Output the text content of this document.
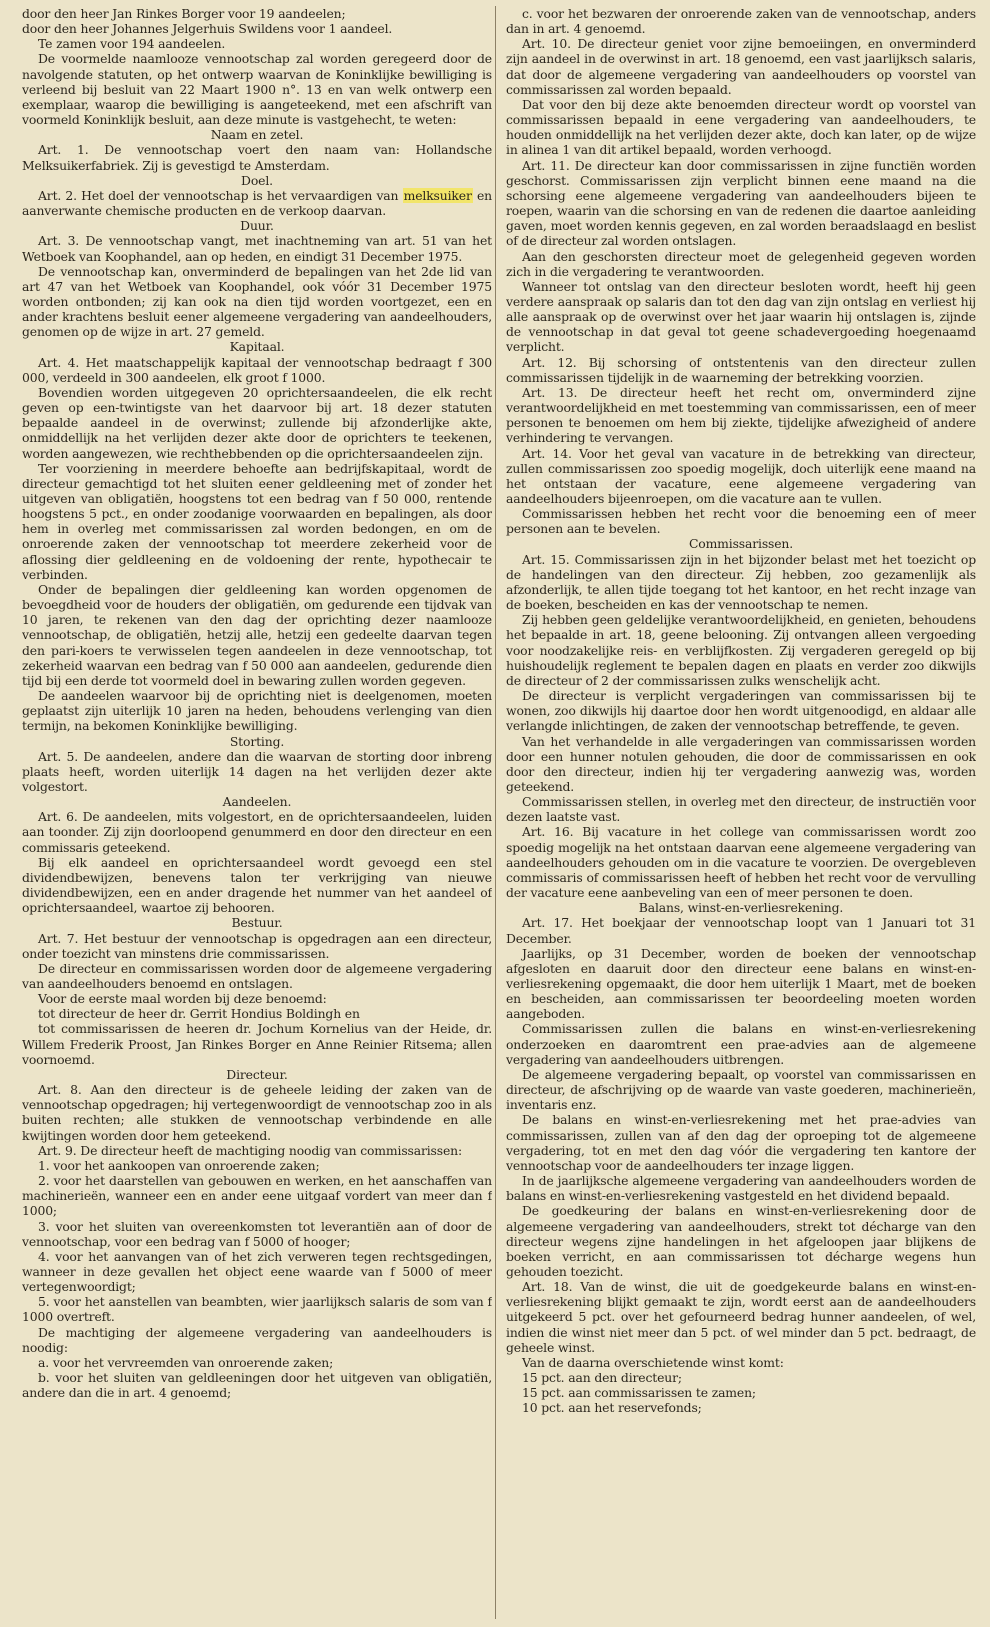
door den heer Jan Rinkes Borger voor 19 aandeelen;

door den heer Johannes Jelgerhuis Swildens voor 1 aandeel.

Te zamen voor 194 aandeelen.

De voormelde naamlooze vennootschap zal worden geregeerd door de navolgende statuten, op het ontwerp waarvan de Koninklijke bewilliging is verleend bij besluit van 22 Maart 1900 n°. 13 en van welk ontwerp een exemplaar, waarop die bewilliging is aangeteekend, met een afschrift van voormeld Koninklijk besluit, aan deze minute is vastgehecht, te weten:

Naam en zetel.

Art. 1. De vennootschap voert den naam van: Hollandsche Melksuikerfabriek. Zij is gevestigd te Amsterdam.

Doel.

Art. 2. Het doel der vennootschap is het vervaardigen van melksuiker en aanverwante chemische producten en de verkoop daarvan.

Duur.

Art. 3. De vennootschap vangt, met inachtneming van art. 51 van het Wetboek van Koophandel, aan op heden, en eindigt 31 December 1975.

De vennootschap kan, onverminderd de bepalingen van het 2de lid van art 47 van het Wetboek van Koophandel, ook vóór 31 December 1975 worden ontbonden; zij kan ook na dien tijd worden voortgezet, een en ander krachtens besluit eener algemeene vergadering van aandeelhouders, genomen op de wijze in art. 27 gemeld.

Kapitaal.

Art. 4. Het maatschappelijk kapitaal der vennootschap bedraagt f 300 000, verdeeld in 300 aandeelen, elk groot f 1000.

Bovendien worden uitgegeven 20 oprichtersaandeelen, die elk recht geven op een-twintigste van het daarvoor bij art. 18 dezer statuten bepaalde aandeel in de overwinst; zullende bij afzonderlijke akte, onmiddellijk na het verlijden dezer akte door de oprichters te teekenen, worden aangewezen, wie rechthebbenden op die oprichtersaandeelen zijn.

Ter voorziening in meerdere behoefte aan bedrijfskapitaal, wordt de directeur gemachtigd tot het sluiten eener geldleening met of zonder het uitgeven van obligatiën, hoogstens tot een bedrag van f 50 000, rentende hoogstens 5 pct., en onder zoodanige voorwaarden en bepalingen, als door hem in overleg met commissarissen zal worden bedongen, en om de onroerende zaken der vennootschap tot meerdere zekerheid voor de aflossing dier geldleening en de voldoening der rente, hypothecair te verbinden.

Onder de bepalingen dier geldleening kan worden opgenomen de bevoegdheid voor de houders der obligatiën, om gedurende een tijdvak van 10 jaren, te rekenen van den dag der oprichting dezer naamlooze vennootschap, de obligatiën, hetzij alle, hetzij een gedeelte daarvan tegen den pari-koers te verwisselen tegen aandeelen in deze vennootschap, tot zekerheid waarvan een bedrag van f 50 000 aan aandeelen, gedurende dien tijd bij een derde tot voormeld doel in bewaring zullen worden gegeven.

De aandeelen waarvoor bij de oprichting niet is deelgenomen, moeten geplaatst zijn uiterlijk 10 jaren na heden, behoudens verlenging van dien termijn, na bekomen Koninklijke bewilliging.

Storting.

Art. 5. De aandeelen, andere dan die waarvan de storting door inbreng plaats heeft, worden uiterlijk 14 dagen na het verlijden dezer akte volgestort.

Aandeelen.

Art. 6. De aandeelen, mits volgestort, en de oprichtersaandeelen, luiden aan toonder. Zij zijn doorloopend genummerd en door den directeur en een commissaris geteekend.

Bij elk aandeel en oprichtersaandeel wordt gevoegd een stel dividendbewijzen, benevens talon ter verkrijging van nieuwe dividendbewijzen, een en ander dragende het nummer van het aandeel of oprichtersaandeel, waartoe zij behooren.

Bestuur.

Art. 7. Het bestuur der vennootschap is opgedragen aan een directeur, onder toezicht van minstens drie commissarissen.

De directeur en commissarissen worden door de algemeene vergadering van aandeelhouders benoemd en ontslagen.

Voor de eerste maal worden bij deze benoemd:

tot directeur de heer dr. Gerrit Hondius Boldingh en

tot commissarissen de heeren dr. Jochum Kornelius van der Heide, dr. Willem Frederik Proost, Jan Rinkes Borger en Anne Reinier Ritsema; allen voornoemd.

Directeur.

Art. 8. Aan den directeur is de geheele leiding der zaken van de vennootschap opgedragen; hij vertegenwoordigt de vennootschap zoo in als buiten rechten; alle stukken de vennootschap verbindende en alle kwijtingen worden door hem geteekend.

Art. 9. De directeur heeft de machtiging noodig van commissarissen:

1. voor het aankoopen van onroerende zaken;

2. voor het daarstellen van gebouwen en werken, en het aanschaffen van machinerieën, wanneer een en ander eene uitgaaf vordert van meer dan f 1000;

3. voor het sluiten van overeenkomsten tot leverantiën aan of door de vennootschap, voor een bedrag van f 5000 of hooger;

4. voor het aanvangen van of het zich verweren tegen rechtsgedingen, wanneer in deze gevallen het object eene waarde van f 5000 of meer vertegenwoordigt;

5. voor het aanstellen van beambten, wier jaarlijksch salaris de som van f 1000 overtreft.

De machtiging der algemeene vergadering van aandeelhouders is noodig:

a. voor het vervreemden van onroerende zaken;

b. voor het sluiten van geldleeningen door het uitgeven van obligatiën, andere dan die in art. 4 genoemd;

c. voor het bezwaren der onroerende zaken van de vennootschap, anders dan in art. 4 genoemd.

Art. 10. De directeur geniet voor zijne bemoeiingen, en onverminderd zijn aandeel in de overwinst in art. 18 genoemd, een vast jaarlijksch salaris, dat door de algemeene vergadering van aandeelhouders op voorstel van commissarissen zal worden bepaald.

Dat voor den bij deze akte benoemden directeur wordt op voorstel van commissarissen bepaald in eene vergadering van aandeelhouders, te houden onmiddellijk na het verlijden dezer akte, doch kan later, op de wijze in alinea 1 van dit artikel bepaald, worden verhoogd.

Art. 11. De directeur kan door commissarissen in zijne functiën worden geschorst. Commissarissen zijn verplicht binnen eene maand na die schorsing eene algemeene vergadering van aandeelhouders bijeen te roepen, waarin van die schorsing en van de redenen die daartoe aanleiding gaven, moet worden kennis gegeven, en zal worden beraadslaagd en beslist of de directeur zal worden ontslagen.

Aan den geschorsten directeur moet de gelegenheid gegeven worden zich in die vergadering te verantwoorden.

Wanneer tot ontslag van den directeur besloten wordt, heeft hij geen verdere aanspraak op salaris dan tot den dag van zijn ontslag en verliest hij alle aanspraak op de overwinst over het jaar waarin hij ontslagen is, zijnde de vennootschap in dat geval tot geene schadevergoeding hoegenaamd verplicht.

Art. 12. Bij schorsing of ontstentenis van den directeur zullen commissarissen tijdelijk in de waarneming der betrekking voorzien.

Art. 13. De directeur heeft het recht om, onverminderd zijne verantwoordelijkheid en met toestemming van commissarissen, een of meer personen te benoemen om hem bij ziekte, tijdelijke afwezigheid of andere verhindering te vervangen.

Art. 14. Voor het geval van vacature in de betrekking van directeur, zullen commissarissen zoo spoedig mogelijk, doch uiterlijk eene maand na het ontstaan der vacature, eene algemeene vergadering van aandeelhouders bijeenroepen, om die vacature aan te vullen.

Commissarissen hebben het recht voor die benoeming een of meer personen aan te bevelen.

Commissarissen.

Art. 15. Commissarissen zijn in het bijzonder belast met het toezicht op de handelingen van den directeur. Zij hebben, zoo gezamenlijk als afzonderlijk, te allen tijde toegang tot het kantoor, en het recht inzage van de boeken, bescheiden en kas der vennootschap te nemen.

Zij hebben geen geldelijke verantwoordelijkheid, en genieten, behoudens het bepaalde in art. 18, geene belooning. Zij ontvangen alleen vergoeding voor noodzakelijke reis- en verblijfkosten. Zij vergaderen geregeld op bij huishoudelijk reglement te bepalen dagen en plaats en verder zoo dikwijls de directeur of 2 der commissarissen zulks wenschelijk acht.

De directeur is verplicht vergaderingen van commissarissen bij te wonen, zoo dikwijls hij daartoe door hen wordt uitgenoodigd, en aldaar alle verlangde inlichtingen, de zaken der vennootschap betreffende, te geven.

Van het verhandelde in alle vergaderingen van commissarissen worden door een hunner notulen gehouden, die door de commissarissen en ook door den directeur, indien hij ter vergadering aanwezig was, worden geteekend.

Commissarissen stellen, in overleg met den directeur, de instructiën voor dezen laatste vast.

Art. 16. Bij vacature in het college van commissarissen wordt zoo spoedig mogelijk na het ontstaan daarvan eene algemeene vergadering van aandeelhouders gehouden om in die vacature te voorzien. De overgebleven commissaris of commissarissen heeft of hebben het recht voor de vervulling der vacature eene aanbeveling van een of meer personen te doen.

Balans, winst-en-verliesrekening.

Art. 17. Het boekjaar der vennootschap loopt van 1 Januari tot 31 December.

Jaarlijks, op 31 December, worden de boeken der vennootschap afgesloten en daaruit door den directeur eene balans en winst-en-verliesrekening opgemaakt, die door hem uiterlijk 1 Maart, met de boeken en bescheiden, aan commissarissen ter beoordeeling moeten worden aangeboden.

Commissarissen zullen die balans en winst-en-verliesrekening onderzoeken en daaromtrent een prae-advies aan de algemeene vergadering van aandeelhouders uitbrengen.

De algemeene vergadering bepaalt, op voorstel van commissarissen en directeur, de afschrijving op de waarde van vaste goederen, machinerieën, inventaris enz.

De balans en winst-en-verliesrekening met het prae-advies van commissarissen, zullen van af den dag der oproeping tot de algemeene vergadering, tot en met den dag vóór die vergadering ten kantore der vennootschap voor de aandeelhouders ter inzage liggen.

In de jaarlijksche algemeene vergadering van aandeelhouders worden de balans en winst-en-verliesrekening vastgesteld en het dividend bepaald.

De goedkeuring der balans en winst-en-verliesrekening door de algemeene vergadering van aandeelhouders, strekt tot décharge van den directeur wegens zijne handelingen in het afgeloopen jaar blijkens de boeken verricht, en aan commissarissen tot décharge wegens hun gehouden toezicht.

Art. 18. Van de winst, die uit de goedgekeurde balans en winst-en-verliesrekening blijkt gemaakt te zijn, wordt eerst aan de aandeelhouders uitgekeerd 5 pct. over het gefourneerd bedrag hunner aandeelen, of wel, indien die winst niet meer dan 5 pct. of wel minder dan 5 pct. bedraagt, de geheele winst.

Van de daarna overschietende winst komt:

15 pct. aan den directeur;

15 pct. aan commissarissen te zamen;

10 pct. aan het reservefonds;
